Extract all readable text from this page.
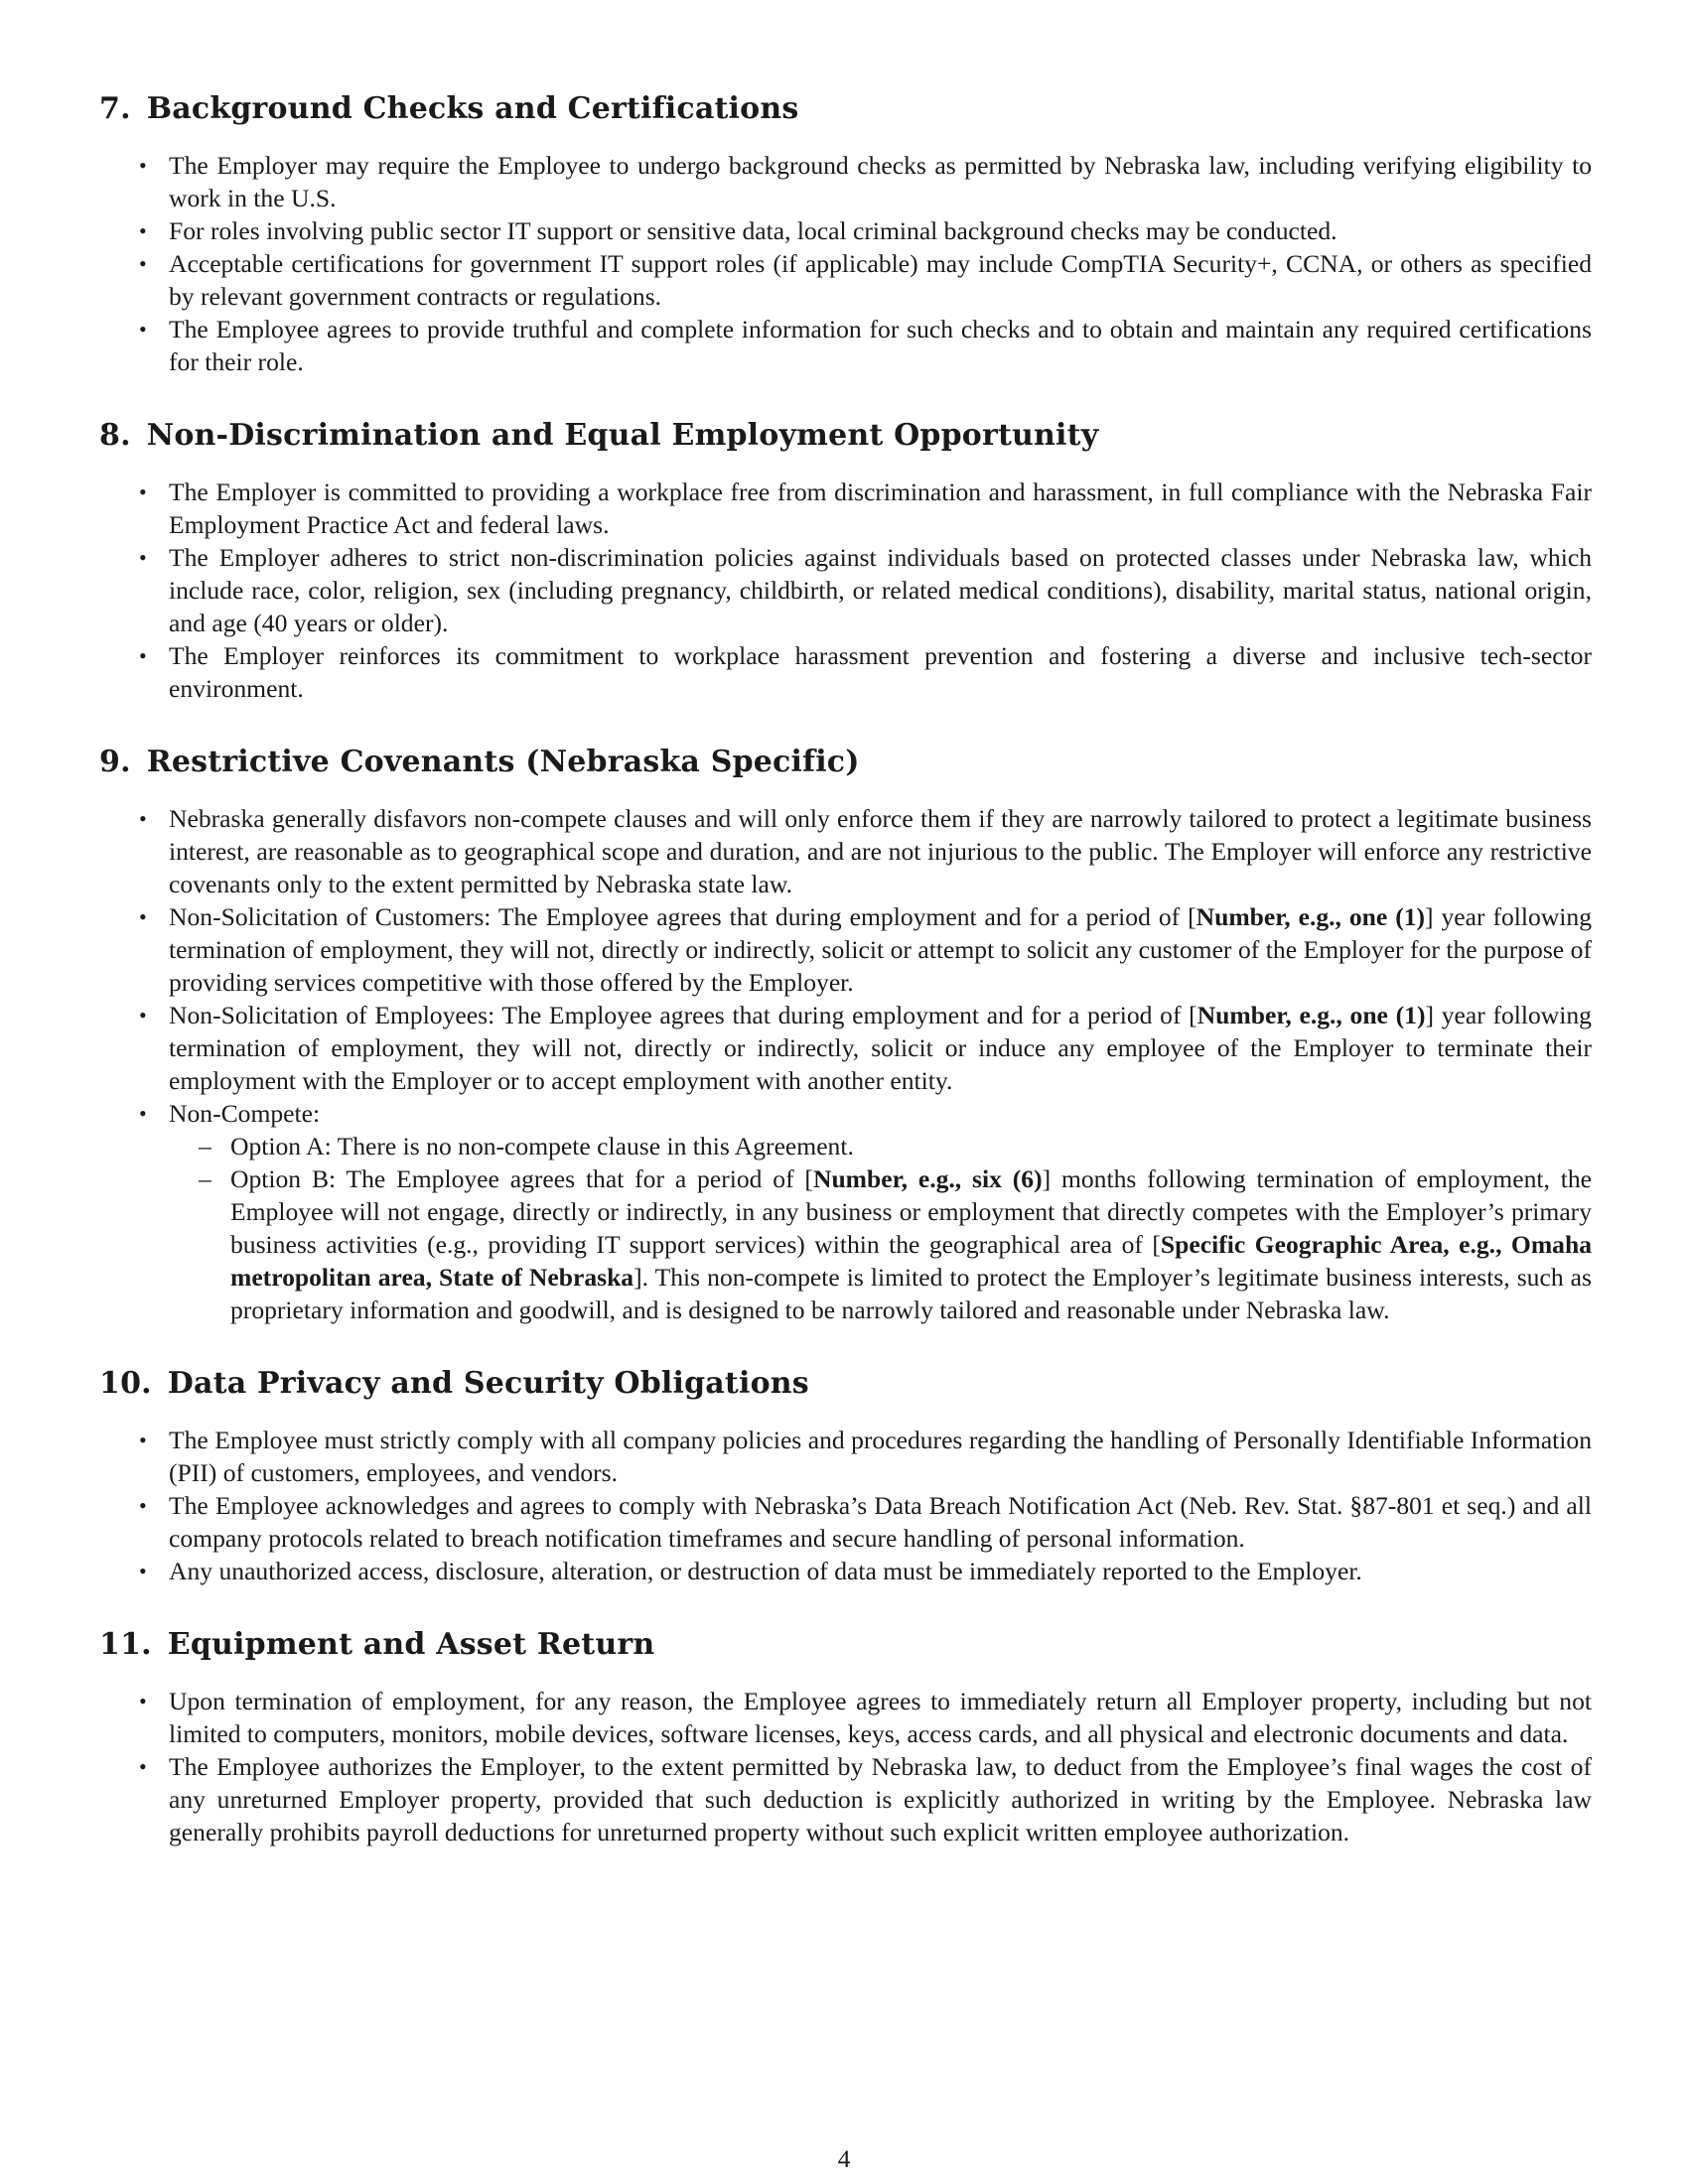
7. Background Checks and Certifications
• The Employer may require the Employee to undergo background checks as permitted by Nebraska law, including verifying eligibility to work in the U.S.
• For roles involving public sector IT support or sensitive data, local criminal background checks may be conducted.
• Acceptable certifications for government IT support roles (if applicable) may include CompTIA Security+, CCNA, or others as specified by relevant government contracts or regulations.
• The Employee agrees to provide truthful and complete information for such checks and to obtain and maintain any required certifications for their role.
8. Non-Discrimination and Equal Employment Opportunity
• The Employer is committed to providing a workplace free from discrimination and harassment, in full compliance with the Nebraska Fair Employment Practice Act and federal laws.
• The Employer adheres to strict non-discrimination policies against individuals based on protected classes under Nebraska law, which include race, color, religion, sex (including pregnancy, childbirth, or related medical conditions), disability, marital status, national origin, and age (40 years or older).
• The Employer reinforces its commitment to workplace harassment prevention and fostering a diverse and inclusive tech-sector environment.
9. Restrictive Covenants (Nebraska Specific)
• Nebraska generally disfavors non-compete clauses and will only enforce them if they are narrowly tailored to protect a legitimate business interest, are reasonable as to geographical scope and duration, and are not injurious to the public. The Employer will enforce any restrictive covenants only to the extent permitted by Nebraska state law.
• Non-Solicitation of Customers: The Employee agrees that during employment and for a period of [Number, e.g., one (1)] year following termination of employment, they will not, directly or indirectly, solicit or attempt to solicit any customer of the Employer for the purpose of providing services competitive with those offered by the Employer.
• Non-Solicitation of Employees: The Employee agrees that during employment and for a period of [Number, e.g., one (1)] year following termination of employment, they will not, directly or indirectly, solicit or induce any employee of the Employer to terminate their employment with the Employer or to accept employment with another entity.
• Non-Compete:
– Option A: There is no non-compete clause in this Agreement.
– Option B: The Employee agrees that for a period of [Number, e.g., six (6)] months following termination of employment, the Employee will not engage, directly or indirectly, in any business or employment that directly competes with the Employer’s primary business activities (e.g., providing IT support services) within the geographical area of [Specific Geographic Area, e.g., Omaha metropolitan area, State of Nebraska]. This non-compete is limited to protect the Employer’s legitimate business interests, such as proprietary information and goodwill, and is designed to be narrowly tailored and reasonable under Nebraska law.
10. Data Privacy and Security Obligations
• The Employee must strictly comply with all company policies and procedures regarding the handling of Personally Identifiable Information (PII) of customers, employees, and vendors.
• The Employee acknowledges and agrees to comply with Nebraska’s Data Breach Notification Act (Neb. Rev. Stat. §87-801 et seq.) and all company protocols related to breach notification timeframes and secure handling of personal information.
• Any unauthorized access, disclosure, alteration, or destruction of data must be immediately reported to the Employer.
11. Equipment and Asset Return
• Upon termination of employment, for any reason, the Employee agrees to immediately return all Employer property, including but not limited to computers, monitors, mobile devices, software licenses, keys, access cards, and all physical and electronic documents and data.
• The Employee authorizes the Employer, to the extent permitted by Nebraska law, to deduct from the Employee’s final wages the cost of any unreturned Employer property, provided that such deduction is explicitly authorized in writing by the Employee. Nebraska law generally prohibits payroll deductions for unreturned property without such explicit written employee authorization.
4
